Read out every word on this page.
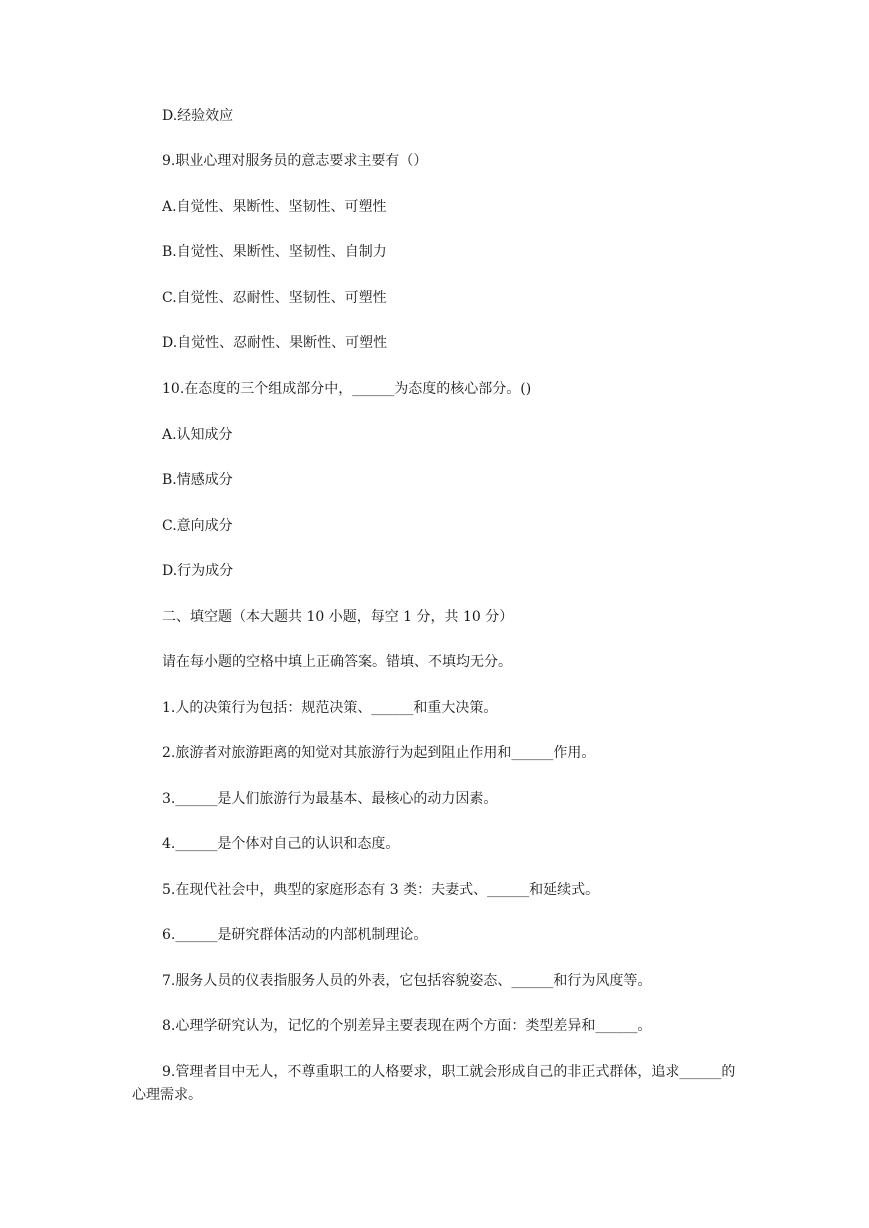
D.经验效应
9.职业心理对服务员的意志要求主要有（）
A.自觉性、果断性、坚韧性、可塑性
B.自觉性、果断性、坚韧性、自制力
C.自觉性、忍耐性、坚韧性、可塑性
D.自觉性、忍耐性、果断性、可塑性
10.在态度的三个组成部分中，______为态度的核心部分。()
A.认知成分
B.情感成分
C.意向成分
D.行为成分
二、填空题（本大题共 10 小题，每空 1 分，共 10 分）
请在每小题的空格中填上正确答案。错填、不填均无分。
1.人的决策行为包括：规范决策、______和重大决策。
2.旅游者对旅游距离的知觉对其旅游行为起到阻止作用和______作用。
3.______是人们旅游行为最基本、最核心的动力因素。
4.______是个体对自己的认识和态度。
5.在现代社会中，典型的家庭形态有 3 类：夫妻式、______和延续式。
6.______是研究群体活动的内部机制理论。
7.服务人员的仪表指服务人员的外表，它包括容貌姿态、______和行为风度等。
8.心理学研究认为，记忆的个别差异主要表现在两个方面：类型差异和______。
9.管理者目中无人，不尊重职工的人格要求，职工就会形成自己的非正式群体，追求______的心理需求。
